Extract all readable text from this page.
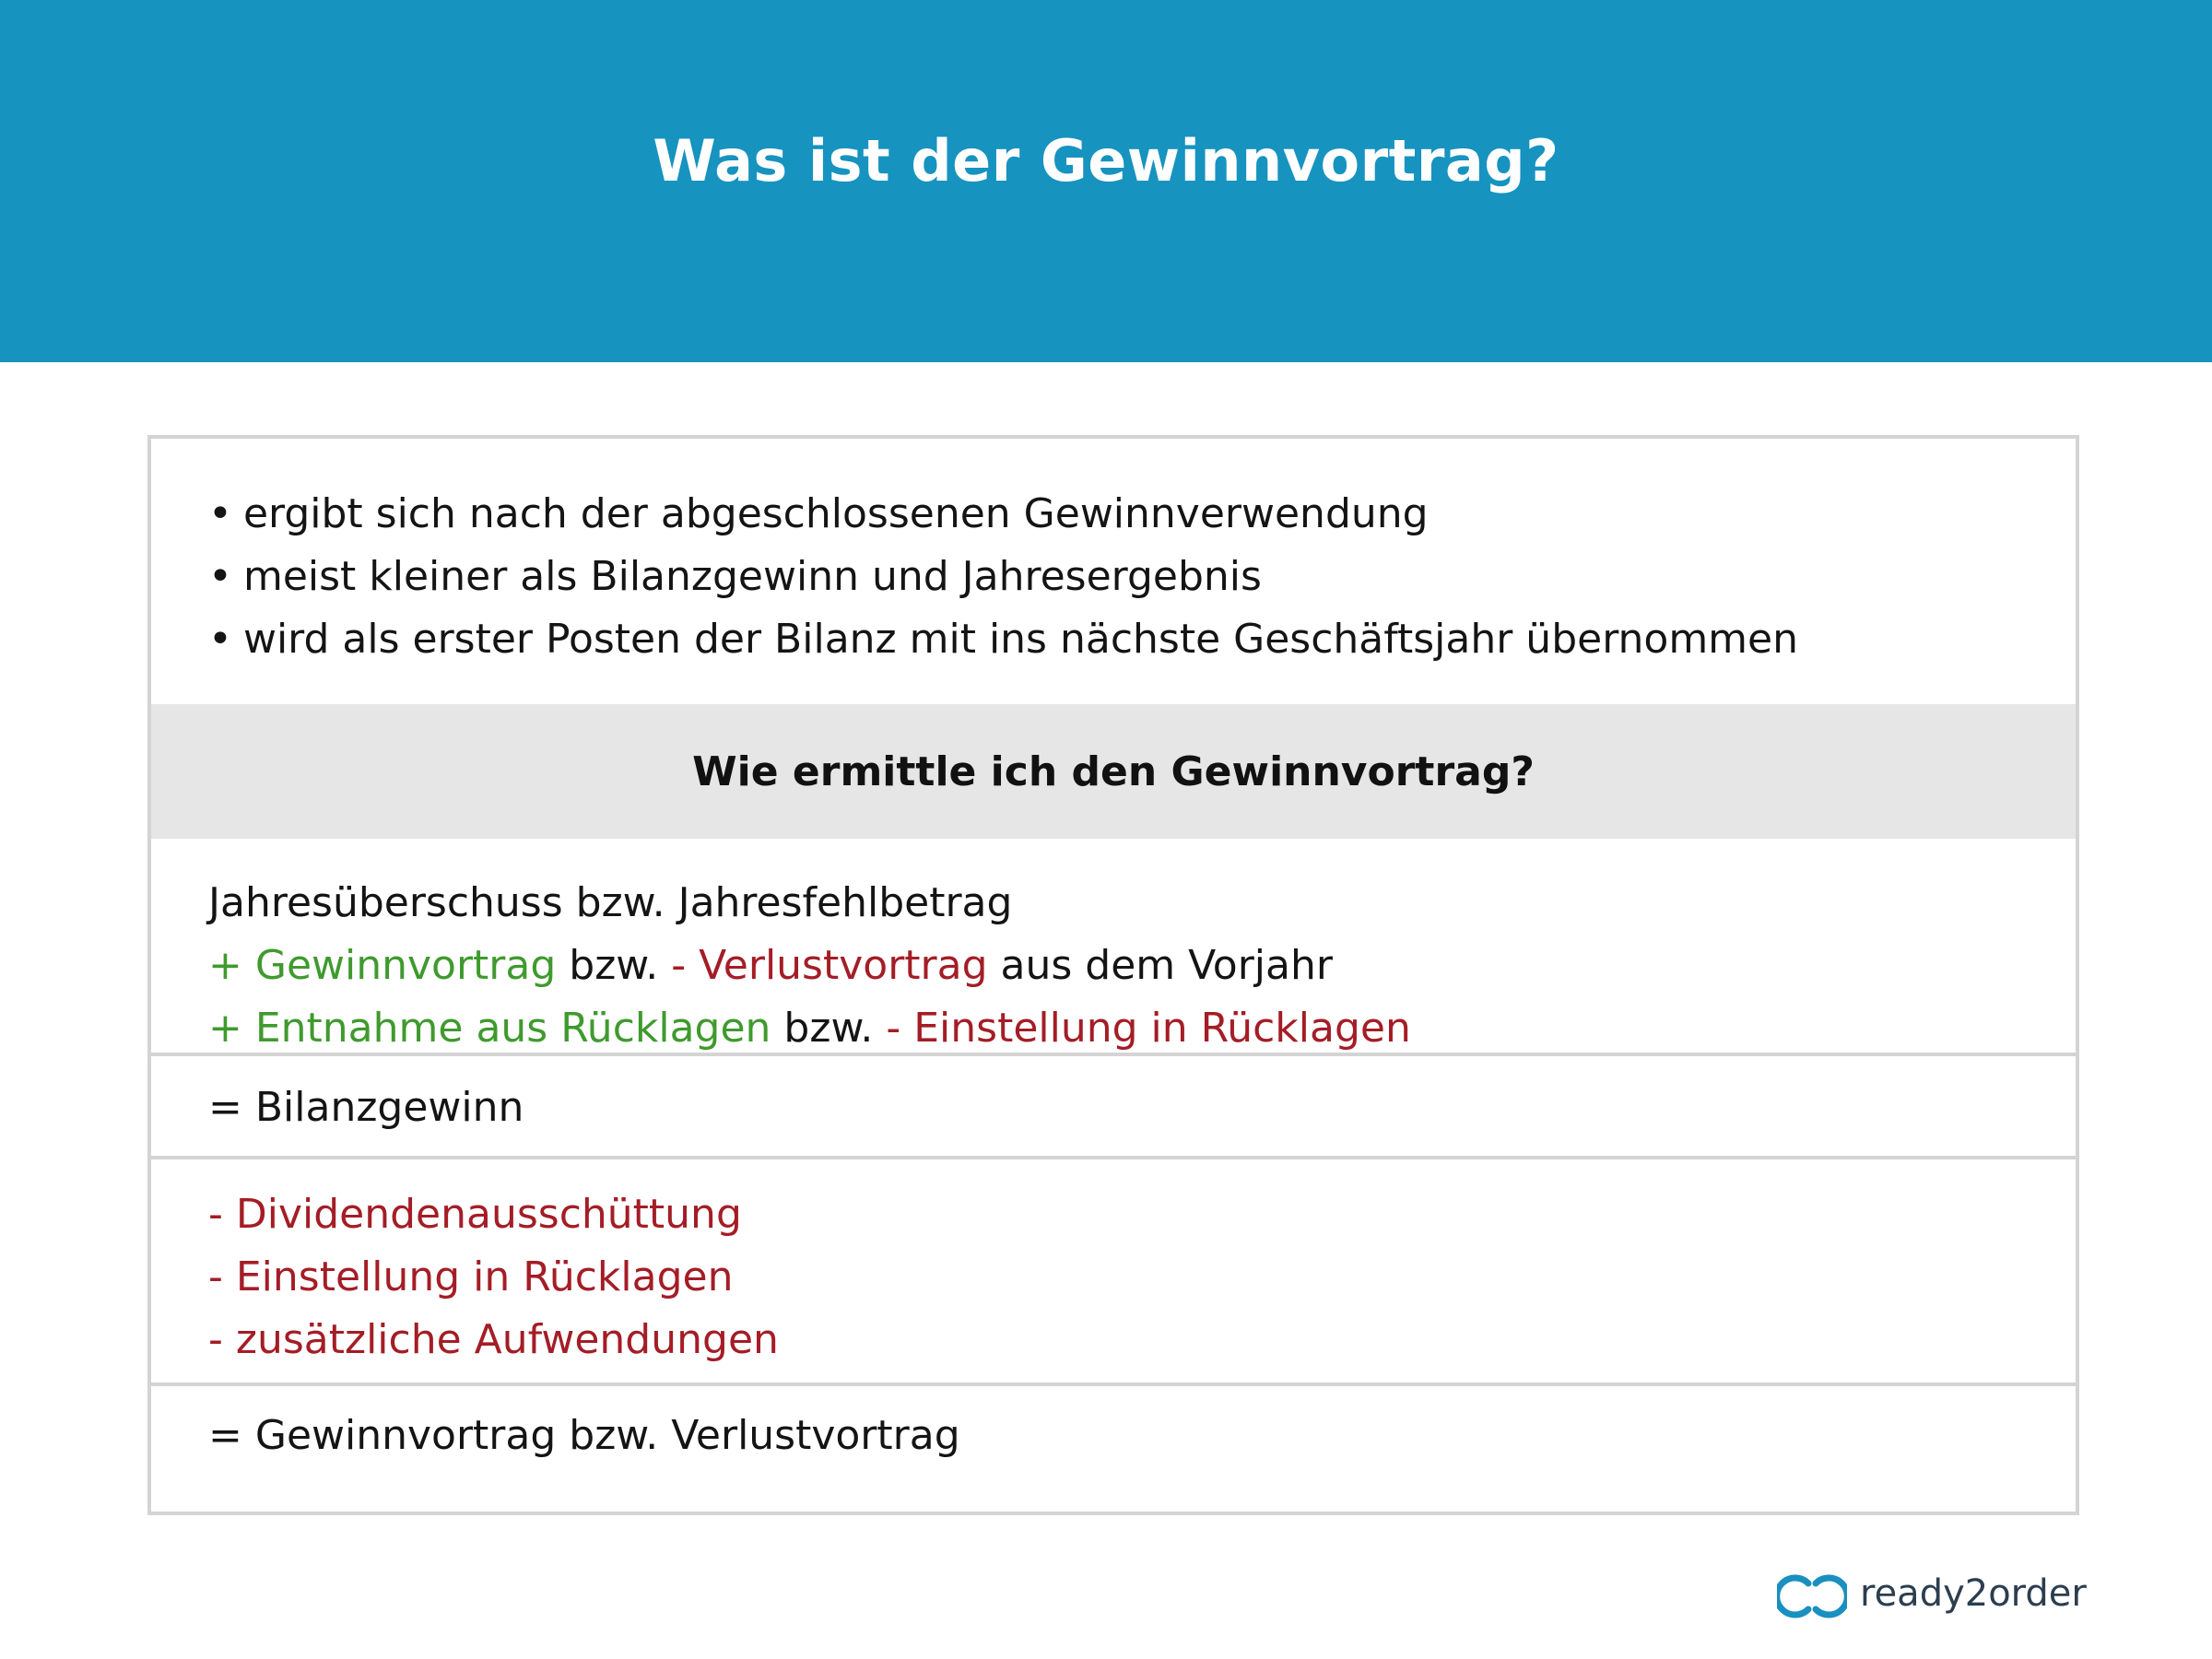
Was ist der Gewinnvortrag?
• ergibt sich nach der abgeschlossenen Gewinnverwendung
• meist kleiner als Bilanzgewinn und Jahresergebnis
• wird als erster Posten der Bilanz mit ins nächste Geschäftsjahr übernommen
Wie ermittle ich den Gewinnvortrag?
Jahresüberschuss bzw. Jahresfehlbetrag
+ Gewinnvortrag bzw. - Verlustvortrag aus dem Vorjahr
+ Entnahme aus Rücklagen bzw. - Einstellung in Rücklagen
= Bilanzgewinn
- Dividendenausschüttung
- Einstellung in Rücklagen
- zusätzliche Aufwendungen
= Gewinnvortrag bzw. Verlustvortrag
ready2order
